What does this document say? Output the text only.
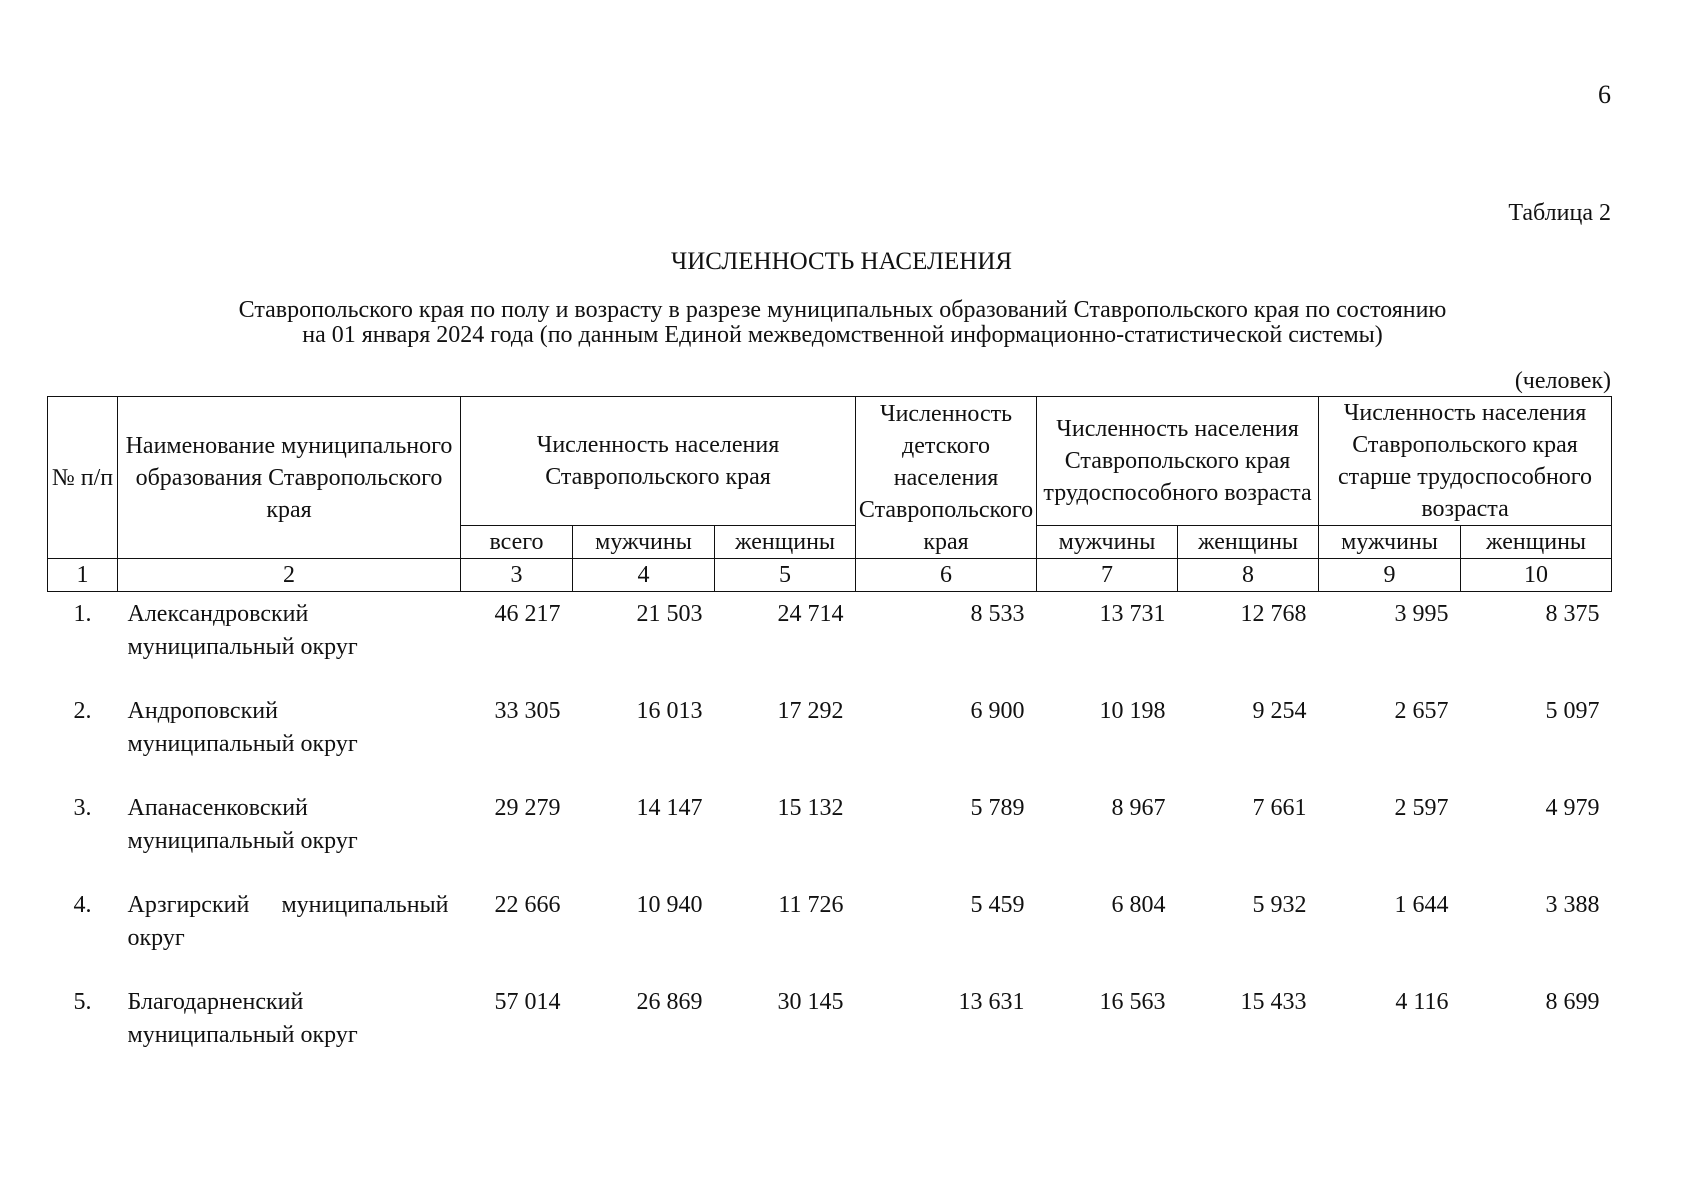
6
Таблица 2
ЧИСЛЕННОСТЬ НАСЕЛЕНИЯ
Ставропольского края по полу и возрасту в разрезе муниципальных образований Ставропольского края по состоянию
на 01 января 2024 года (по данным Единой межведомственной информационно-статистической системы)
(человек)
№ п/п	Наименование муниципального образования Ставропольского края	Численность населения Ставропольского края			Численность детского населения Ставропольского края	Численность населения Ставропольского края трудоспособного возраста		Численность населения Ставропольского края старше трудоспособного возраста	
		всего	мужчины	женщины		мужчины	женщины	мужчины	женщины
1	2	3	4	5	6	7	8	9	10
1.	Александровский муниципальный округ	46 217	21 503	24 714	8 533	13 731	12 768	3 995	8 375
2.	Андроповский муниципальный округ	33 305	16 013	17 292	6 900	10 198	9 254	2 657	5 097
3.	Апанасенковский муниципальный округ	29 279	14 147	15 132	5 789	8 967	7 661	2 597	4 979
4.	Арзгирский муниципальный округ	22 666	10 940	11 726	5 459	6 804	5 932	1 644	3 388
5.	Благодарненский муниципальный округ	57 014	26 869	30 145	13 631	16 563	15 433	4 116	8 699
